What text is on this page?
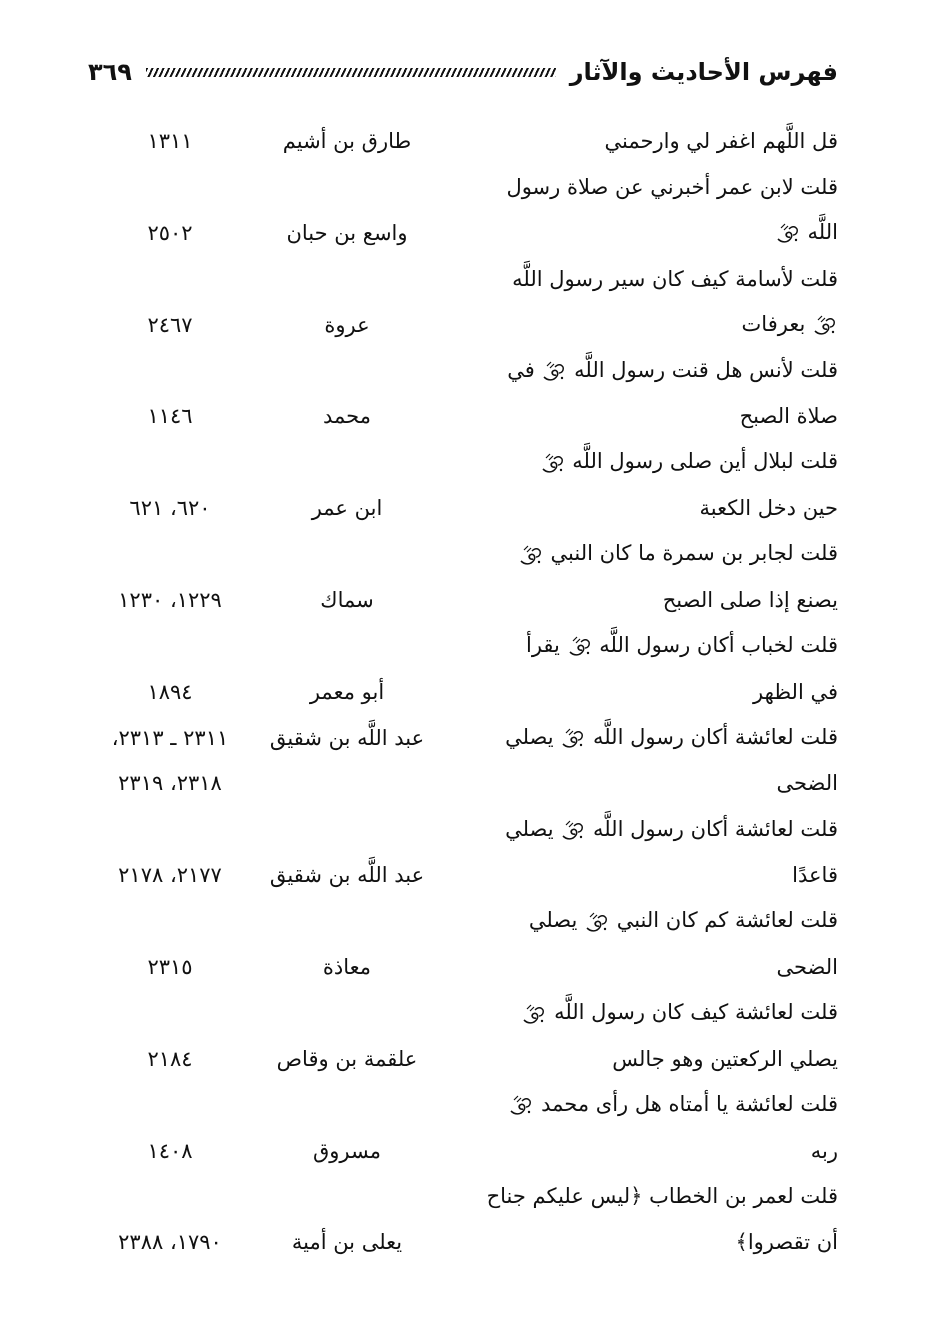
فهرس الأحاديث والآثار
٣٦٩
قل اللَّهم اغفر لي وارحمني
طارق بن أشيم
١٣١١
قلت لابن عمر أخبرني عن صلاة رسول
اللَّه
واسع بن حبان
٢٥٠٢
قلت لأسامة كيف كان سير رسول اللَّه
بعرفات
عروة
٢٤٦٧
قلت لأنس هل قنت رسول اللَّه
في
صلاة الصبح
محمد
١١٤٦
قلت لبلال أين صلى رسول اللَّه
حين دخل الكعبة
ابن عمر
٦٢٠، ٦٢١
قلت لجابر بن سمرة ما كان النبي
يصنع إذا صلى الصبح
سماك
١٢٢٩، ١٢٣٠
قلت لخباب أكان رسول اللَّه
يقرأ
في الظهر
أبو معمر
١٨٩٤
قلت لعائشة أكان رسول اللَّه
يصلي
عبد اللَّه بن شقيق
٢٣١١ ـ ٢٣١٣،
الضحى
٢٣١٨، ٢٣١٩
قلت لعائشة أكان رسول اللَّه
يصلي
قاعدًا
عبد اللَّه بن شقيق
٢١٧٧، ٢١٧٨
قلت لعائشة كم كان النبي
يصلي
الضحى
معاذة
٢٣١٥
قلت لعائشة كيف كان رسول اللَّه
يصلي الركعتين وهو جالس
علقمة بن وقاص
٢١٨٤
قلت لعائشة يا أمتاه هل رأى محمد
ربه
مسروق
١٤٠٨
قلت لعمر بن الخطاب ﴿ليس عليكم جناح
أن تقصروا﴾
يعلى بن أمية
١٧٩٠، ٢٣٨٨
